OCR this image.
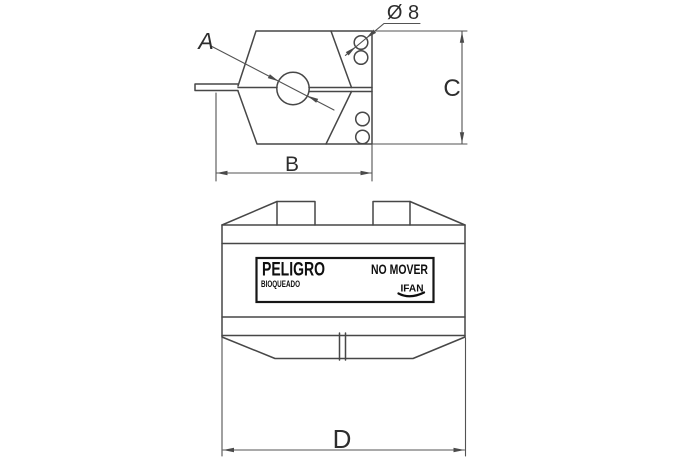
A
Ø 8
C
B
PELIGRO	NO MOVER
BIOQUEADO	IFAN
D
